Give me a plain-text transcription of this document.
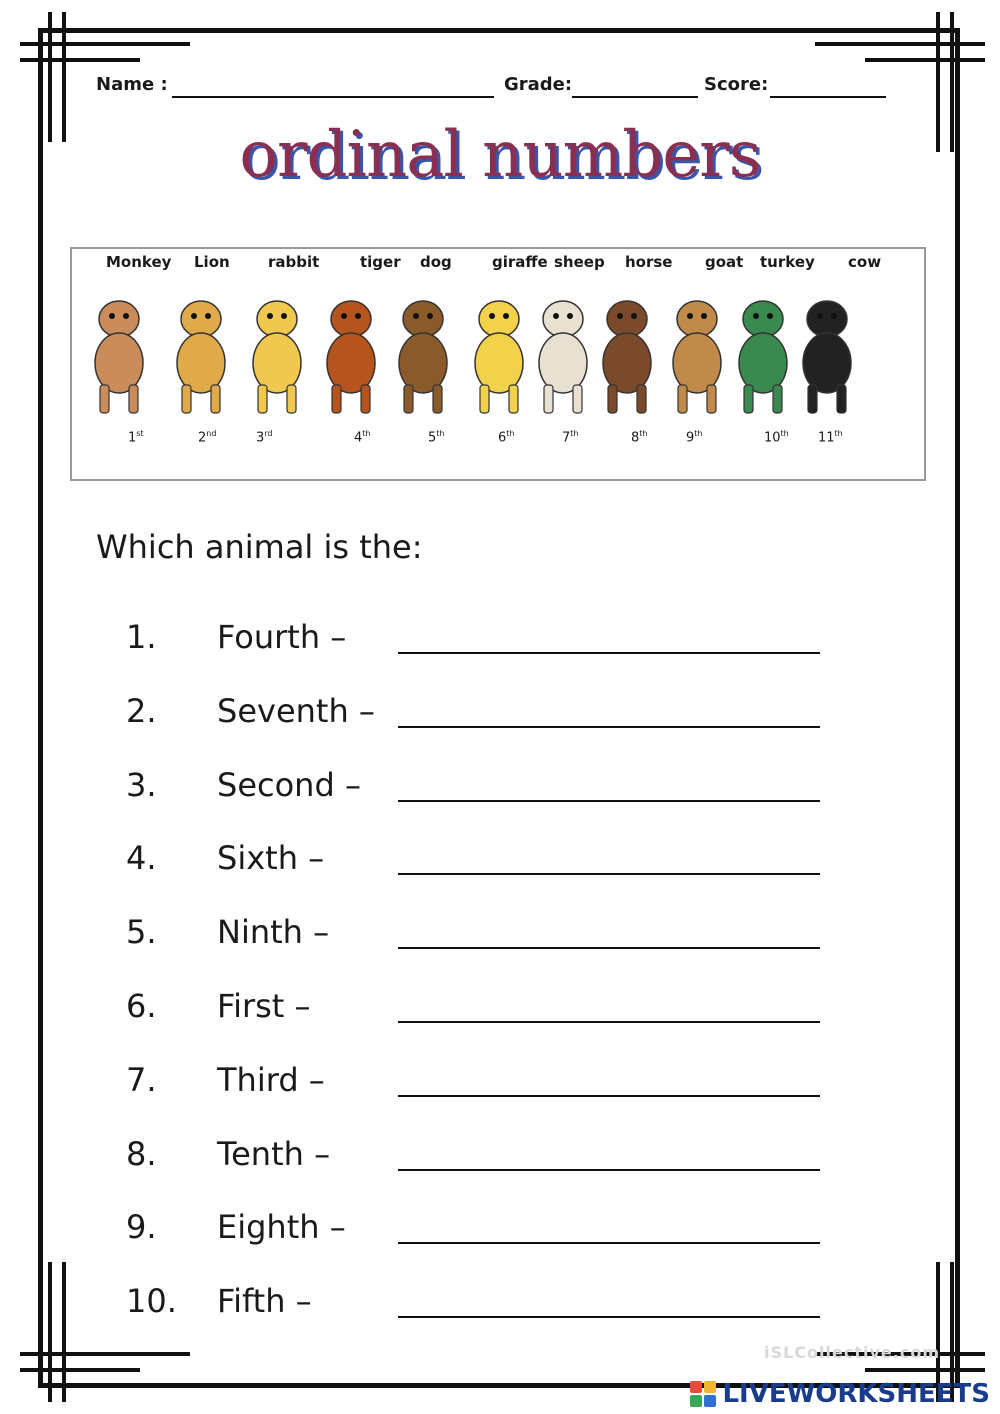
Name :	Grade:	Score:
ordinal numbers
Monkey
1st
Lion
2nd
rabbit
3rd
tiger
4th
dog
5th
giraffe
6th
sheep
7th
horse
8th
goat
9th
turkey
10th
cow
11th
Which animal is the:
1. Fourth –
2. Seventh –
3. Second –
4. Sixth –
5. Ninth –
6. First –
7. Third –
8. Tenth –
9. Eighth –
10. Fifth –
iSLCollective.com
LIVEWORKSHEETS
